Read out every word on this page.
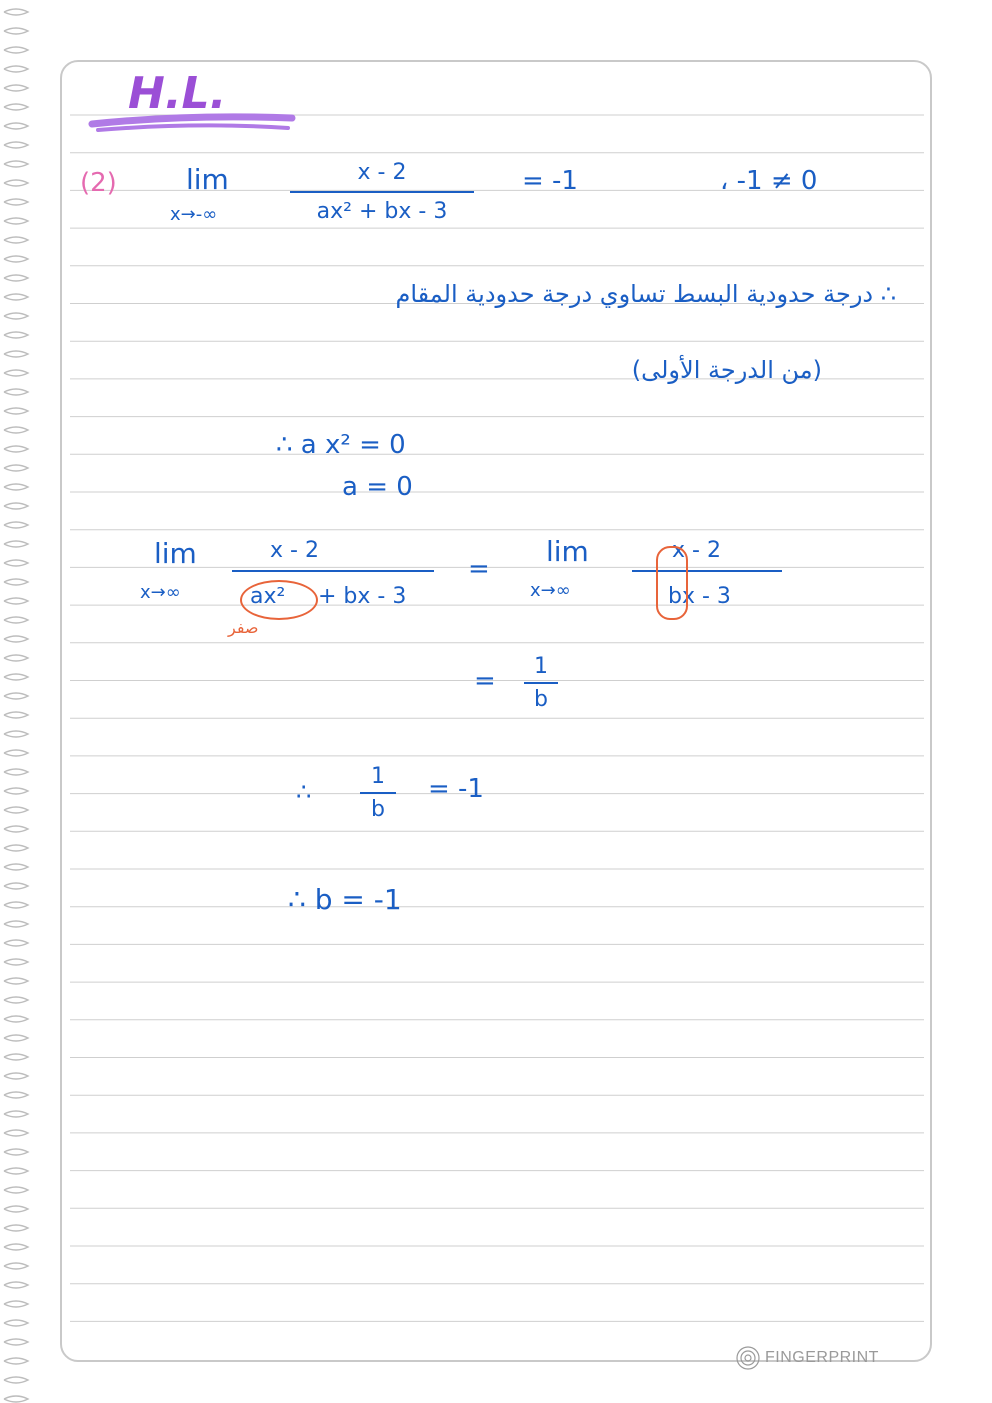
H.L.
(2) lim
x→-∞
x - 2
ax² + bx - 3
= -1	، -1 ≠ 0
∴ درجة حدودية البسط تساوي درجة حدودية المقام
(من الدرجة الأولى)
∴ a x² = 0
a = 0
lim
x→∞
x - 2
ax² + bx - 3
صفر
=
lim
x→∞
x - 2
bx - 3
= 1
b
∴
1
b
= -1
∴ b = -1
FINGERPRINT
